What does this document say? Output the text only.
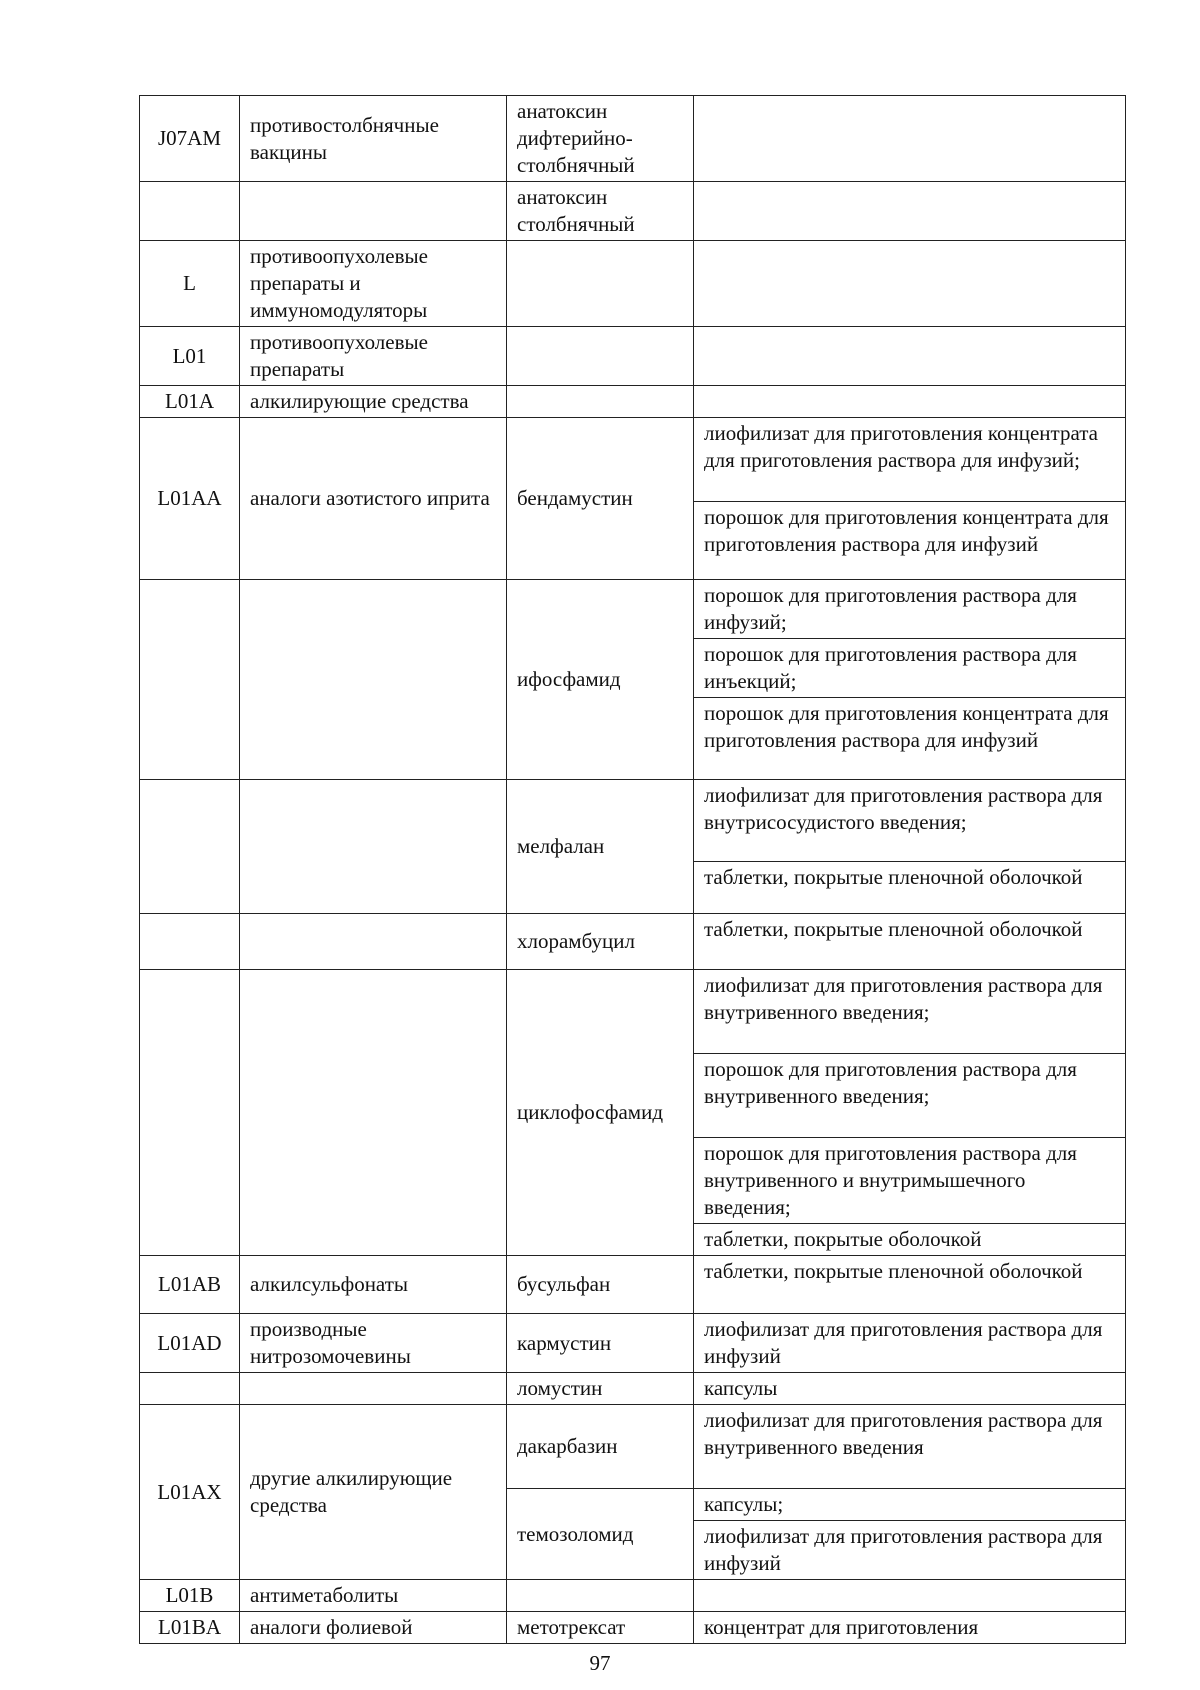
J07AM	противостолбнячные вакцины	анатоксин дифтерийно-столбнячный	
		анатоксин столбнячный	
L	противоопухолевые препараты и иммуномодуляторы		
L01	противоопухолевые препараты		
L01A	алкилирующие средства		
L01AA	аналоги азотистого иприта	бендамустин	лиофилизат для приготовления концентрата для приготовления раствора для инфузий;
			порошок для приготовления концентрата для приготовления раствора для инфузий
		ифосфамид	порошок для приготовления раствора для инфузий;
			порошок для приготовления раствора для инъекций;
			порошок для приготовления концентрата для приготовления раствора для инфузий
		мелфалан	лиофилизат для приготовления раствора для внутрисосудистого введения;
			таблетки, покрытые пленочной оболочкой
		хлорамбуцил	таблетки, покрытые пленочной оболочкой
		циклофосфамид	лиофилизат для приготовления раствора для внутривенного введения;
			порошок для приготовления раствора для внутривенного введения;
			порошок для приготовления раствора для внутривенного и внутримышечного введения;
			таблетки, покрытые оболочкой
L01AB	алкилсульфонаты	бусульфан	таблетки, покрытые пленочной оболочкой
L01AD	производные нитрозомочевины	кармустин	лиофилизат для приготовления раствора для инфузий
		ломустин	капсулы
L01AX	другие алкилирующие средства	дакарбазин	лиофилизат для приготовления раствора для внутривенного введения
		темозоломид	капсулы;
			лиофилизат для приготовления раствора для инфузий
L01B	антиметаболиты		
L01BA	аналоги фолиевой	метотрексат	концентрат для приготовления
97
